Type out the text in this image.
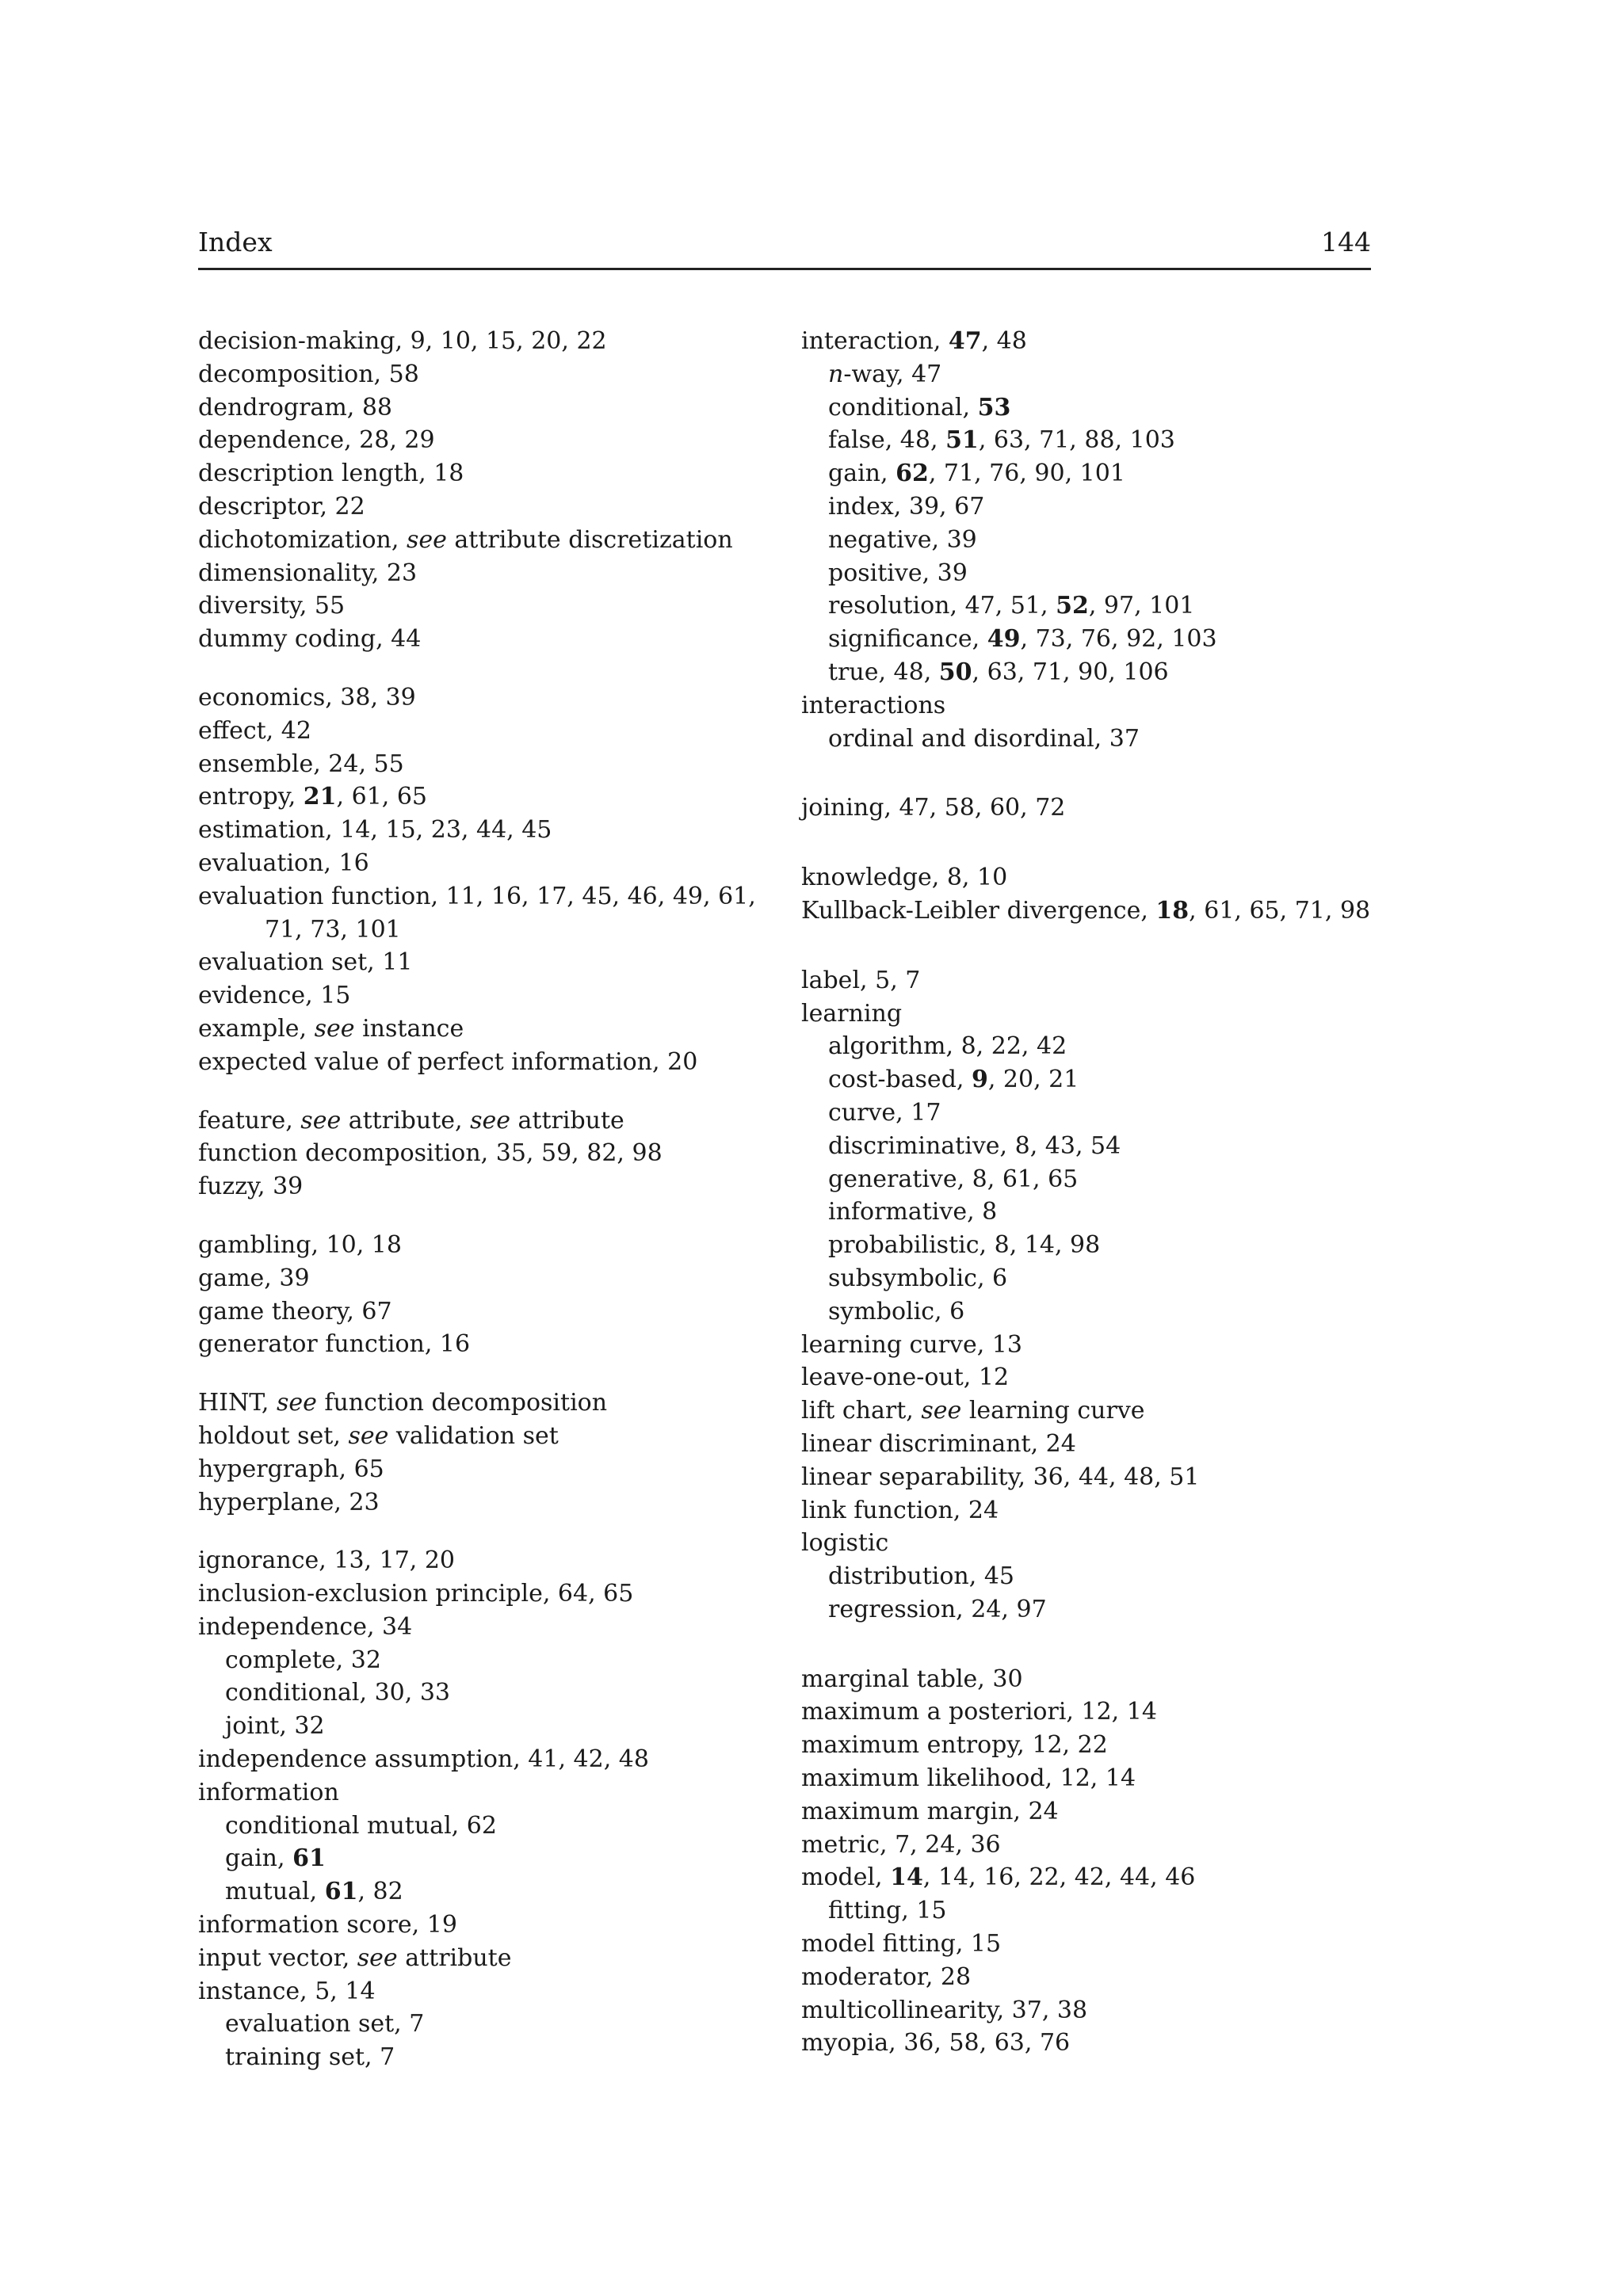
Index	144
decision-making, 9, 10, 15, 20, 22
decomposition, 58
dendrogram, 88
dependence, 28, 29
description length, 18
descriptor, 22
dichotomization, see attribute discretization
dimensionality, 23
diversity, 55
dummy coding, 44
economics, 38, 39
effect, 42
ensemble, 24, 55
entropy, 21, 61, 65
estimation, 14, 15, 23, 44, 45
evaluation, 16
evaluation function, 11, 16, 17, 45, 46, 49, 61,
71, 73, 101
evaluation set, 11
evidence, 15
example, see instance
expected value of perfect information, 20
feature, see attribute, see attribute
function decomposition, 35, 59, 82, 98
fuzzy, 39
gambling, 10, 18
game, 39
game theory, 67
generator function, 16
HINT, see function decomposition
holdout set, see validation set
hypergraph, 65
hyperplane, 23
ignorance, 13, 17, 20
inclusion-exclusion principle, 64, 65
independence, 34
complete, 32
conditional, 30, 33
joint, 32
independence assumption, 41, 42, 48
information
conditional mutual, 62
gain, 61
mutual, 61, 82
information score, 19
input vector, see attribute
instance, 5, 14
evaluation set, 7
training set, 7
interaction, 47, 48
n-way, 47
conditional, 53
false, 48, 51, 63, 71, 88, 103
gain, 62, 71, 76, 90, 101
index, 39, 67
negative, 39
positive, 39
resolution, 47, 51, 52, 97, 101
significance, 49, 73, 76, 92, 103
true, 48, 50, 63, 71, 90, 106
interactions
ordinal and disordinal, 37
joining, 47, 58, 60, 72
knowledge, 8, 10
Kullback-Leibler divergence, 18, 61, 65, 71, 98
label, 5, 7
learning
algorithm, 8, 22, 42
cost-based, 9, 20, 21
curve, 17
discriminative, 8, 43, 54
generative, 8, 61, 65
informative, 8
probabilistic, 8, 14, 98
subsymbolic, 6
symbolic, 6
learning curve, 13
leave-one-out, 12
lift chart, see learning curve
linear discriminant, 24
linear separability, 36, 44, 48, 51
link function, 24
logistic
distribution, 45
regression, 24, 97
marginal table, 30
maximum a posteriori, 12, 14
maximum entropy, 12, 22
maximum likelihood, 12, 14
maximum margin, 24
metric, 7, 24, 36
model, 14, 14, 16, 22, 42, 44, 46
fitting, 15
model fitting, 15
moderator, 28
multicollinearity, 37, 38
myopia, 36, 58, 63, 76
